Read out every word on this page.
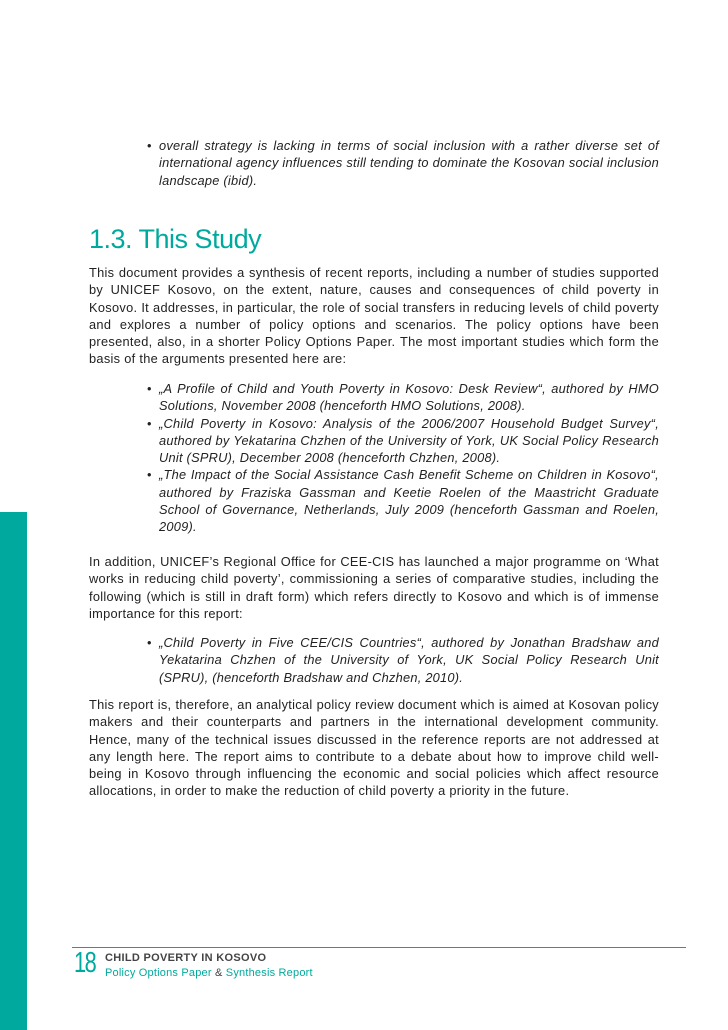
• overall strategy is lacking in terms of social inclusion with a rather diverse set of international agency influences still tending to dominate the Kosovan social inclusion landscape (ibid).
1.3. This Study

This document provides a synthesis of recent reports, including a number of studies supported by UNICEF Kosovo, on the extent, nature, causes and consequences of child poverty in Kosovo. It addresses, in particular, the role of social transfers in reducing levels of child poverty and explores a number of policy options and scenarios. The policy options have been presented, also, in a shorter Policy Options Paper. The most important studies which form the basis of the arguments presented here are:

• „A Profile of Child and Youth Poverty in Kosovo: Desk Review“, authored by HMO Solutions, November 2008 (henceforth HMO Solutions, 2008).
• „Child Poverty in Kosovo: Analysis of the 2006/2007 Household Budget Survey“, authored by Yekatarina Chzhen of the University of York, UK Social Policy Research Unit (SPRU), December 2008 (henceforth Chzhen, 2008).
• „The Impact of the Social Assistance Cash Benefit Scheme on Children in Kosovo“, authored by Fraziska Gassman and Keetie Roelen of the Maastricht Graduate School of Governance, Netherlands, July 2009 (henceforth Gassman and Roelen, 2009).

In addition, UNICEF’s Regional Office for CEE-CIS has launched a major programme on ‘What works in reducing child poverty’, commissioning a series of comparative studies, including the following (which is still in draft form) which refers directly to Kosovo and which is of immense importance for this report:

• „Child Poverty in Five CEE/CIS Countries“, authored by Jonathan Bradshaw and Yekatarina Chzhen of the University of York, UK Social Policy Research Unit (SPRU), (henceforth Bradshaw and Chzhen, 2010).

This report is, therefore, an analytical policy review document which is aimed at Kosovan policy makers and their counterparts and partners in the international development community. Hence, many of the technical issues discussed in the reference reports are not addressed at any length here. The report aims to contribute to a debate about how to improve child well-being in Kosovo through influencing the economic and social policies which affect resource allocations, in order to make the reduction of child poverty a priority in the future.

18 CHILD POVERTY IN KOSOVO
Policy Options Paper & Synthesis Report
